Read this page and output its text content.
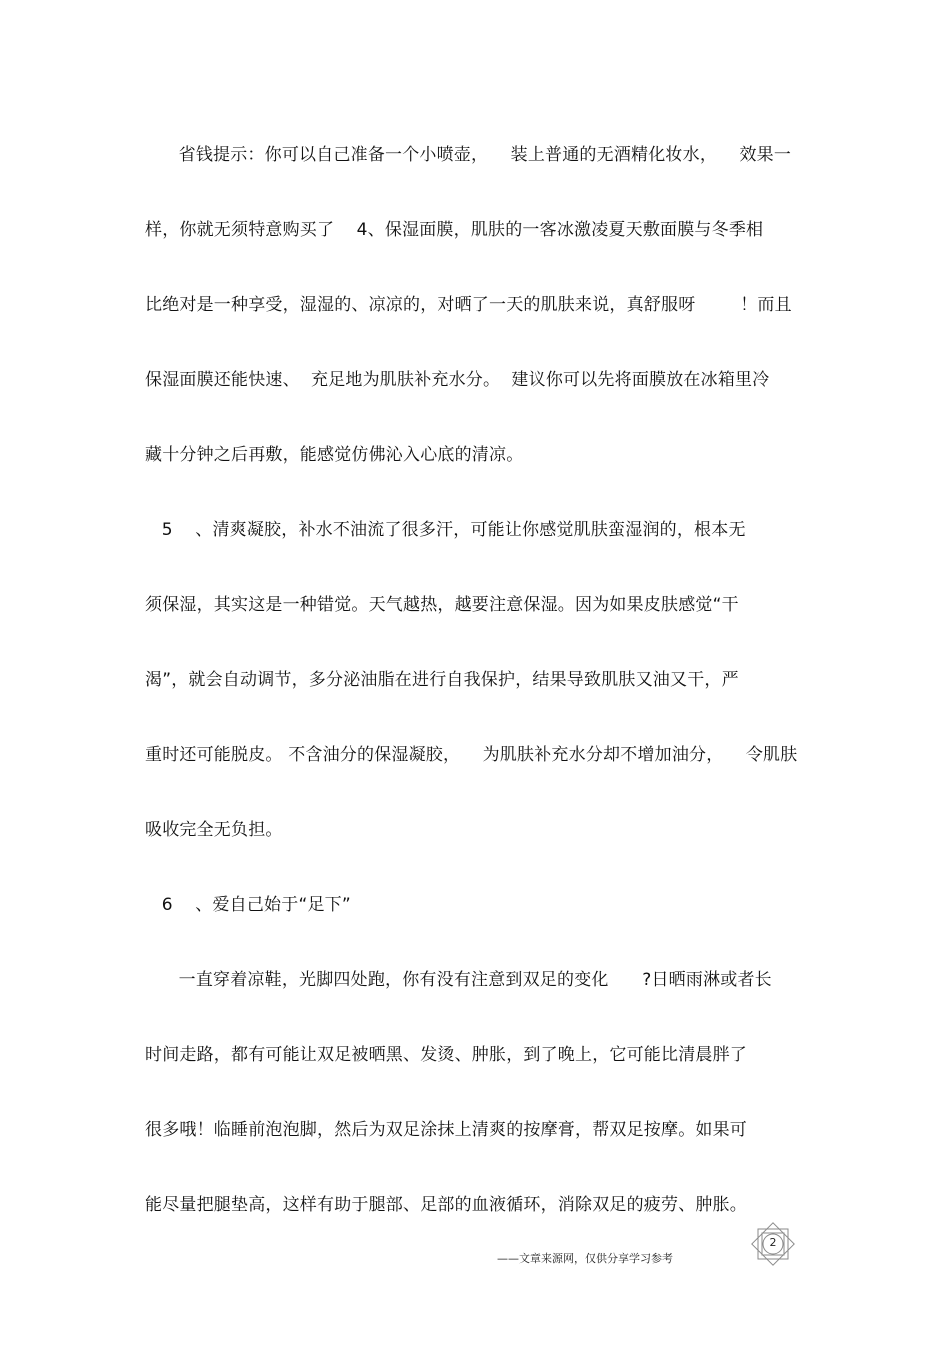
省钱提示：你可以自己准备一个小喷壶，    装上普通的无酒精化妆水，    效果一
样，你就无须特意购买了    4、保湿面膜，肌肤的一客冰激凌夏天敷面膜与冬季相
比绝对是一种享受，湿湿的、凉凉的，对晒了一天的肌肤来说，真舒服呀        ！而且
保湿面膜还能快速、  充足地为肌肤补充水分。  建议你可以先将面膜放在冰箱里冷
藏十分钟之后再敷，能感觉仿佛沁入心底的清凉。
5    、清爽凝胶，补水不油流了很多汗，可能让你感觉肌肤蛮湿润的，根本无
须保湿，其实这是一种错觉。天气越热，越要注意保湿。因为如果皮肤感觉“干
渴”，就会自动调节，多分泌油脂在进行自我保护，结果导致肌肤又油又干，严
重时还可能脱皮。 不含油分的保湿凝胶，    为肌肤补充水分却不增加油分，    令肌肤
吸收完全无负担。
6    、爱自己始于“足下”
一直穿着凉鞋，光脚四处跑，你有没有注意到双足的变化      ?日晒雨淋或者长
时间走路，都有可能让双足被晒黑、发烫、肿胀，到了晚上，它可能比清晨胖了
很多哦！临睡前泡泡脚，然后为双足涂抹上清爽的按摩膏，帮双足按摩。如果可
能尽量把腿垫高，这样有助于腿部、足部的血液循环，消除双足的疲劳、肿胀。
2
——文章来源网，仅供分享学习参考
